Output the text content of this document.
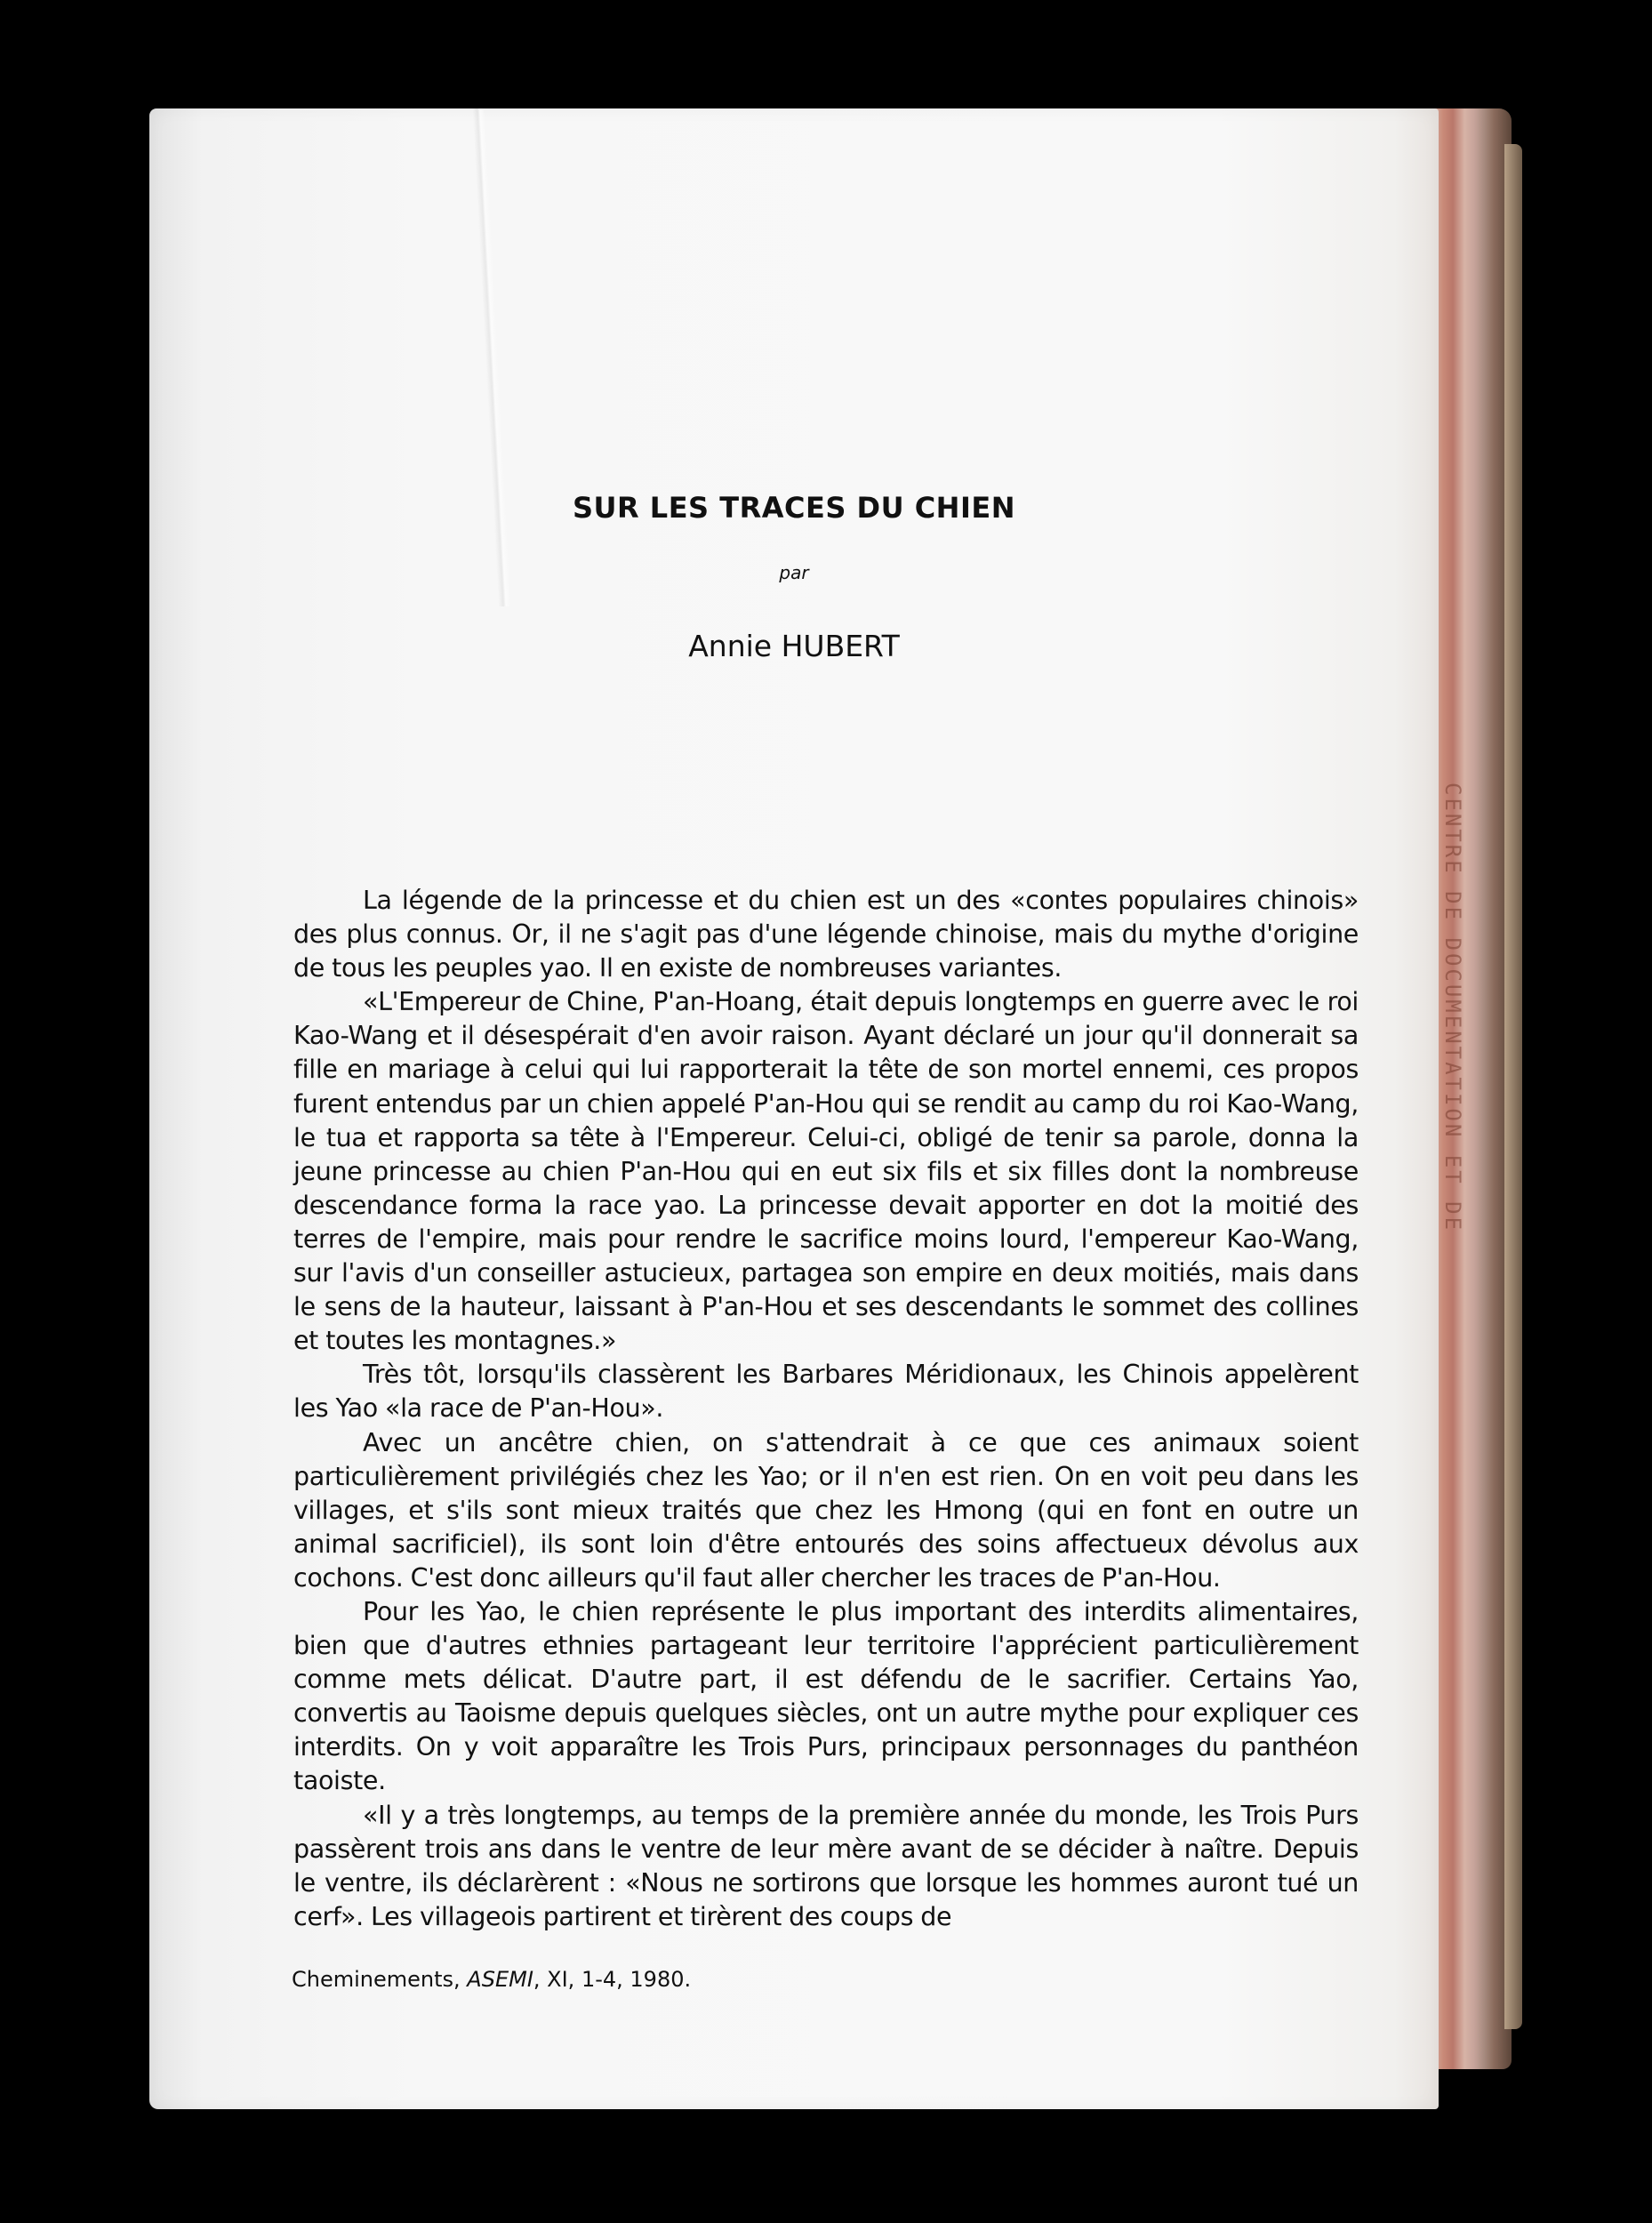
CENTRE DE DOCUMENTATION ET DE
SUR LES TRACES DU CHIEN
par
Annie HUBERT

La légende de la princesse et du chien est un des «contes populaires chinois» des plus connus. Or, il ne s'agit pas d'une légende chinoise, mais du mythe d'origine de tous les peuples yao. Il en existe de nombreuses variantes.

«L'Empereur de Chine, P'an-Hoang, était depuis longtemps en guerre avec le roi Kao-Wang et il désespérait d'en avoir raison. Ayant déclaré un jour qu'il donnerait sa fille en mariage à celui qui lui rapporterait la tête de son mortel ennemi, ces propos furent entendus par un chien appelé P'an-Hou qui se rendit au camp du roi Kao-Wang, le tua et rapporta sa tête à l'Empereur. Celui-ci, obligé de tenir sa parole, donna la jeune princesse au chien P'an-Hou qui en eut six fils et six filles dont la nombreuse descendance forma la race yao. La princesse devait apporter en dot la moitié des terres de l'empire, mais pour rendre le sacrifice moins lourd, l'empereur Kao-Wang, sur l'avis d'un conseiller astucieux, partagea son empire en deux moitiés, mais dans le sens de la hauteur, laissant à P'an-Hou et ses descendants le sommet des collines et toutes les montagnes.»

Très tôt, lorsqu'ils classèrent les Barbares Méridionaux, les Chinois appelèrent les Yao «la race de P'an-Hou».

Avec un ancêtre chien, on s'attendrait à ce que ces animaux soient particulièrement privilégiés chez les Yao; or il n'en est rien. On en voit peu dans les villages, et s'ils sont mieux traités que chez les Hmong (qui en font en outre un animal sacrificiel), ils sont loin d'être entourés des soins affectueux dévolus aux cochons. C'est donc ailleurs qu'il faut aller chercher les traces de P'an-Hou.

Pour les Yao, le chien représente le plus important des interdits alimentaires, bien que d'autres ethnies partageant leur territoire l'apprécient particulièrement comme mets délicat. D'autre part, il est défendu de le sacrifier. Certains Yao, convertis au Taoisme depuis quelques siècles, ont un autre mythe pour expliquer ces interdits. On y voit apparaître les Trois Purs, principaux personnages du panthéon taoiste.

«Il y a très longtemps, au temps de la première année du monde, les Trois Purs passèrent trois ans dans le ventre de leur mère avant de se décider à naître. Depuis le ventre, ils déclarèrent : «Nous ne sortirons que lorsque les hommes auront tué un cerf». Les villageois partirent et tirèrent des coups de

Cheminements, ASEMI, XI, 1-4, 1980.
